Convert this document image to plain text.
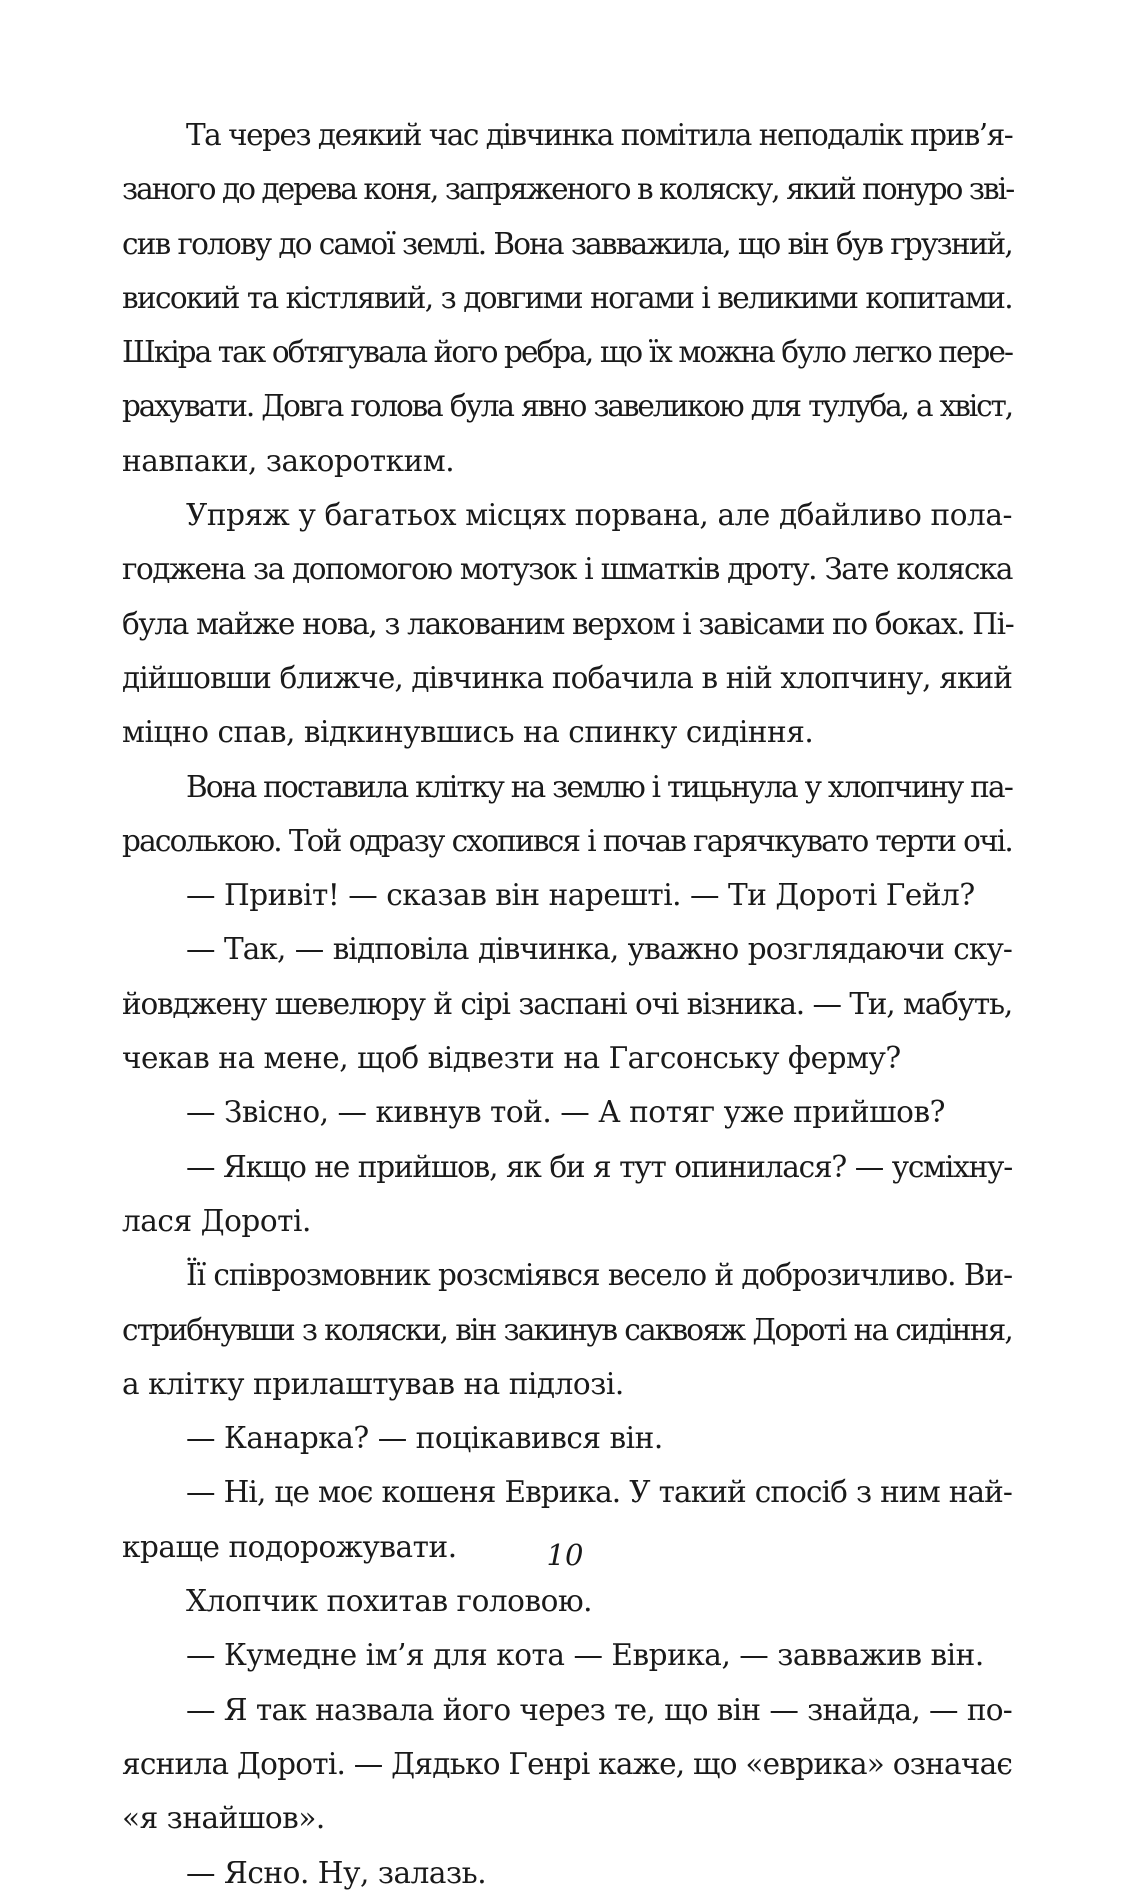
Та через деякий час дівчинка помітила неподалік прив’я-
заного до дерева коня, запряженого в коляску, який понуро зві-
сив голову до самої землі. Вона завважила, що він був грузний,
високий та кістлявий, з довгими ногами і великими копитами.
Шкіра так обтягувала його ребра, що їх можна було легко пере-
рахувати. Довга голова була явно завеликою для тулуба, а хвіст,
навпаки, закоротким.
Упряж у багатьох місцях порвана, але дбайливо пола-
годжена за допомогою мотузок і шматків дроту. Зате коляска
була майже нова, з лакованим верхом і завісами по боках. Пі-
дійшовши ближче, дівчинка побачила в ній хлопчину, який
міцно спав, відкинувшись на спинку сидіння.
Вона поставила клітку на землю і тицьнула у хлопчину па-
расолькою. Той одразу схопився і почав гарячкувато терти очі.
— Привіт! — сказав він нарешті. — Ти Дороті Гейл?
— Так, — відповіла дівчинка, уважно розглядаючи ску-
йовджену шевелюру й сірі заспані очі візника. — Ти, мабуть,
чекав на мене, щоб відвезти на Гагсонську ферму?
— Звісно, — кивнув той. — А потяг уже прийшов?
— Якщо не прийшов, як би я тут опинилася? — усміхну-
лася Дороті.
Її співрозмовник розсміявся весело й доброзичливо. Ви-
стрибнувши з коляски, він закинув саквояж Дороті на сидіння,
а клітку прилаштував на підлозі.
— Канарка? — поцікавився він.
— Ні, це моє кошеня Еврика. У такий спосіб з ним най-
краще подорожувати.
Хлопчик похитав головою.
— Кумедне ім’я для кота — Еврика, — завважив він.
— Я так назвала його через те, що він — знайда, — по-
яснила Дороті. — Дядько Генрі каже, що «еврика» означає
«я знайшов».
— Ясно. Ну, залазь.
10
